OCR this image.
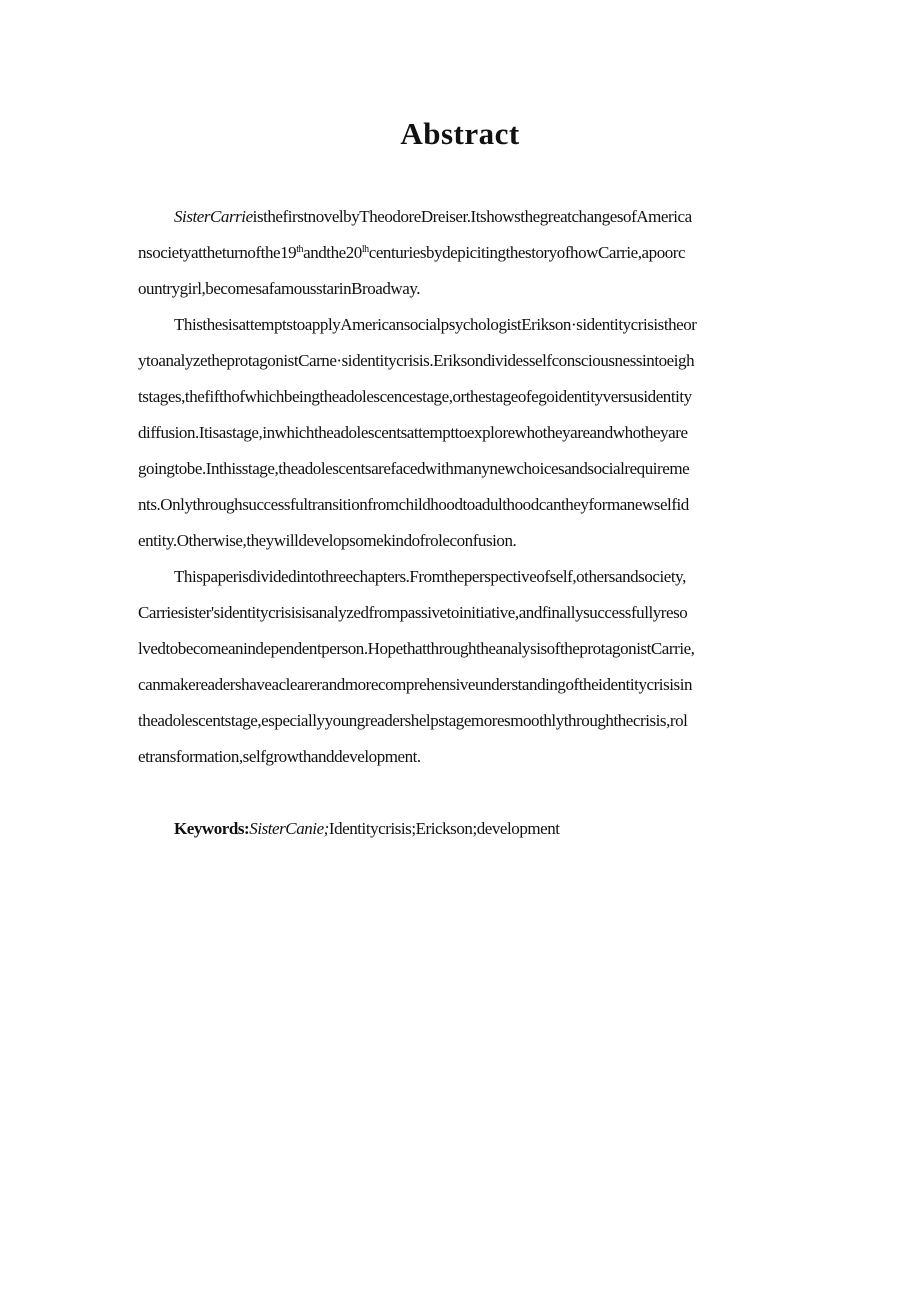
Abstract
SisterCarrieisthefirstnovelbyTheodoreDreiser.ItshowsthegreatchangesofAmerica
$nsocietyattheturnofthe19thandthe20^{lh}centuriesbydepicitingthestoryofhowCarrie,apoorc$
ountrygirl,becomesafamousstarinBroadway.
ThisthesisattemptstoapplyAmericansocialpsychologistErikson·sidentitycrisistheor
ytoanalyzetheprotagonistCarne·sidentitycrisis.Eriksondividesselfconsciousnessintoeigh
tstages,thefifthofwhichbeingtheadolescencestage,orthestageofegoidentityversusidentity
diffusion.Itisastage,inwhichtheadolescentsattempttoexplorewhotheyareandwhotheyare
goingtobe.Inthisstage,theadolescentsarefacedwithmanynewchoicesandsocialrequireme
nts.Onlythroughsuccessfultransitionfromchildhoodtoadulthoodcantheyformanewselfid
entity.Otherwise,theywilldevelopsomekindofroleconfusion.
Thispaperisdividedintothreechapters.Fromtheperspectiveofself,othersandsociety,
Carriesister'sidentitycrisisisanalyzedfrompassivetoinitiative,andfinallysuccessfullyreso
lvedtobecomeanindependentperson.HopethatthroughtheanalysisoftheprotagonistCarrie,
canmakereadershaveaclearerandmorecomprehensiveunderstandingoftheidentitycrisisin
theadolescentstage,especiallyyoungreadershelpstagemoresmoothlythroughthecrisis,rol
etransformation,selfgrowthanddevelopment.
Keywords:SisterCanie;Identitycrisis;Erickson;development
